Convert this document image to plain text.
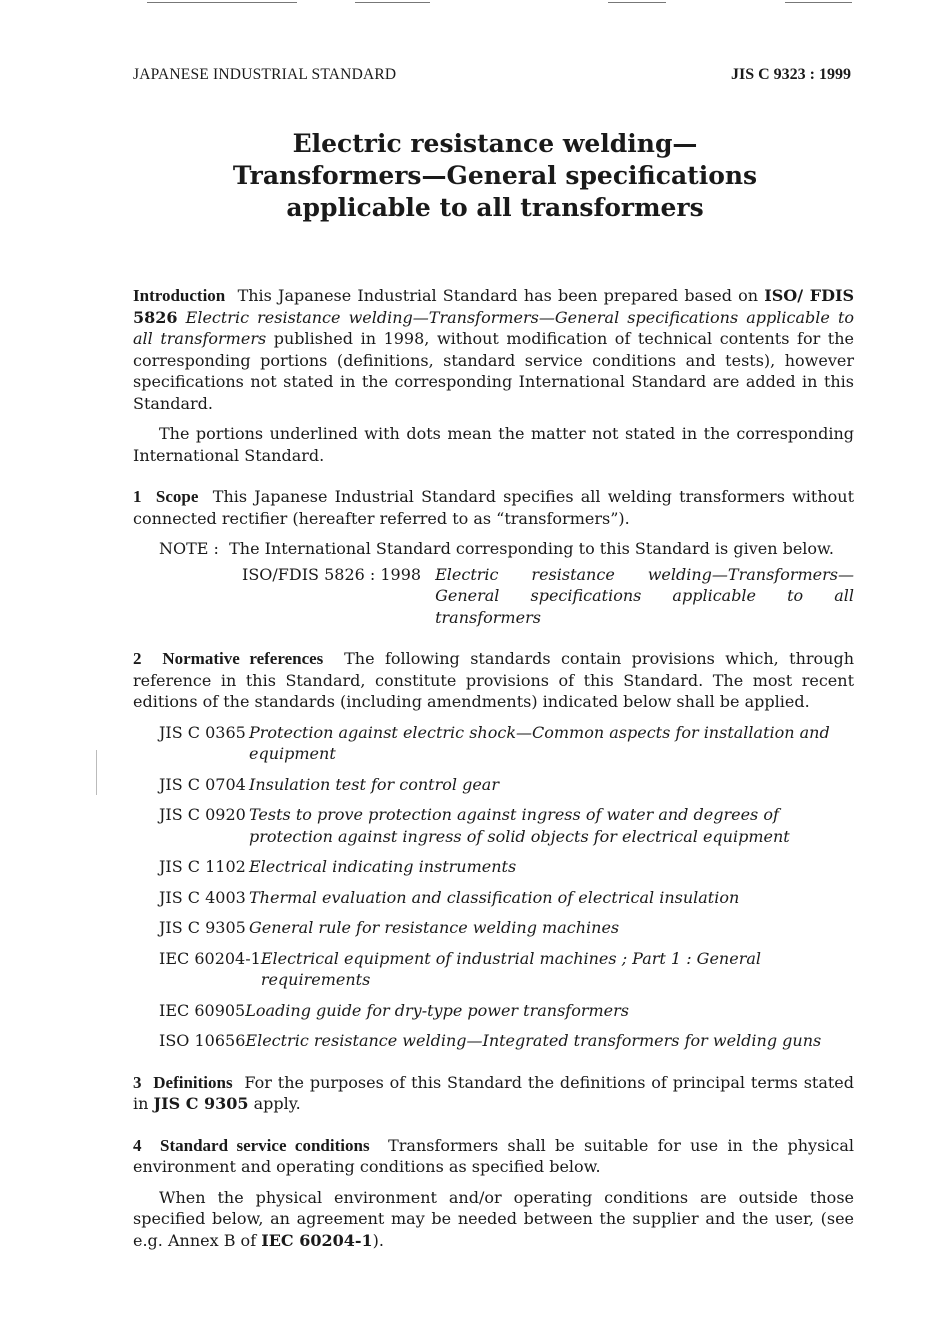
JAPANESE INDUSTRIAL STANDARD	JIS C 9323 : 1999
Electric resistance welding—
Transformers—General specifications
applicable to all transformers

Introduction This Japanese Industrial Standard has been prepared based on ISO/ FDIS 5826 Electric resistance welding—Transformers—General specifications applicable to all transformers published in 1998, without modification of technical contents for the corresponding portions (definitions, standard service conditions and tests), however specifications not stated in the corresponding International Standard are added in this Standard.

The portions underlined with dots mean the matter not stated in the corresponding International Standard.

1 Scope This Japanese Industrial Standard specifies all welding transformers without connected rectifier (hereafter referred to as “transformers”).

NOTE : The International Standard corresponding to this Standard is given below.
ISO/FDIS 5826 : 1998 Electric resistance welding—Transformers—General specifications applicable to all transformers

2 Normative references The following standards contain provisions which, through reference in this Standard, constitute provisions of this Standard. The most recent editions of the standards (including amendments) indicated below shall be applied.

JIS C 0365 Protection against electric shock—Common aspects for installation and equipment
JIS C 0704 Insulation test for control gear
JIS C 0920 Tests to prove protection against ingress of water and degrees of protection against ingress of solid objects for electrical equipment
JIS C 1102 Electrical indicating instruments
JIS C 4003 Thermal evaluation and classification of electrical insulation
JIS C 9305 General rule for resistance welding machines
IEC 60204-1 Electrical equipment of industrial machines ; Part 1 : General requirements
IEC 60905 Loading guide for dry-type power transformers
ISO 10656 Electric resistance welding—Integrated transformers for welding guns

3 Definitions For the purposes of this Standard the definitions of principal terms stated in JIS C 9305 apply.

4 Standard service conditions Transformers shall be suitable for use in the physical environment and operating conditions as specified below.

When the physical environment and/or operating conditions are outside those specified below, an agreement may be needed between the supplier and the user, (see e.g. Annex B of IEC 60204-1).
